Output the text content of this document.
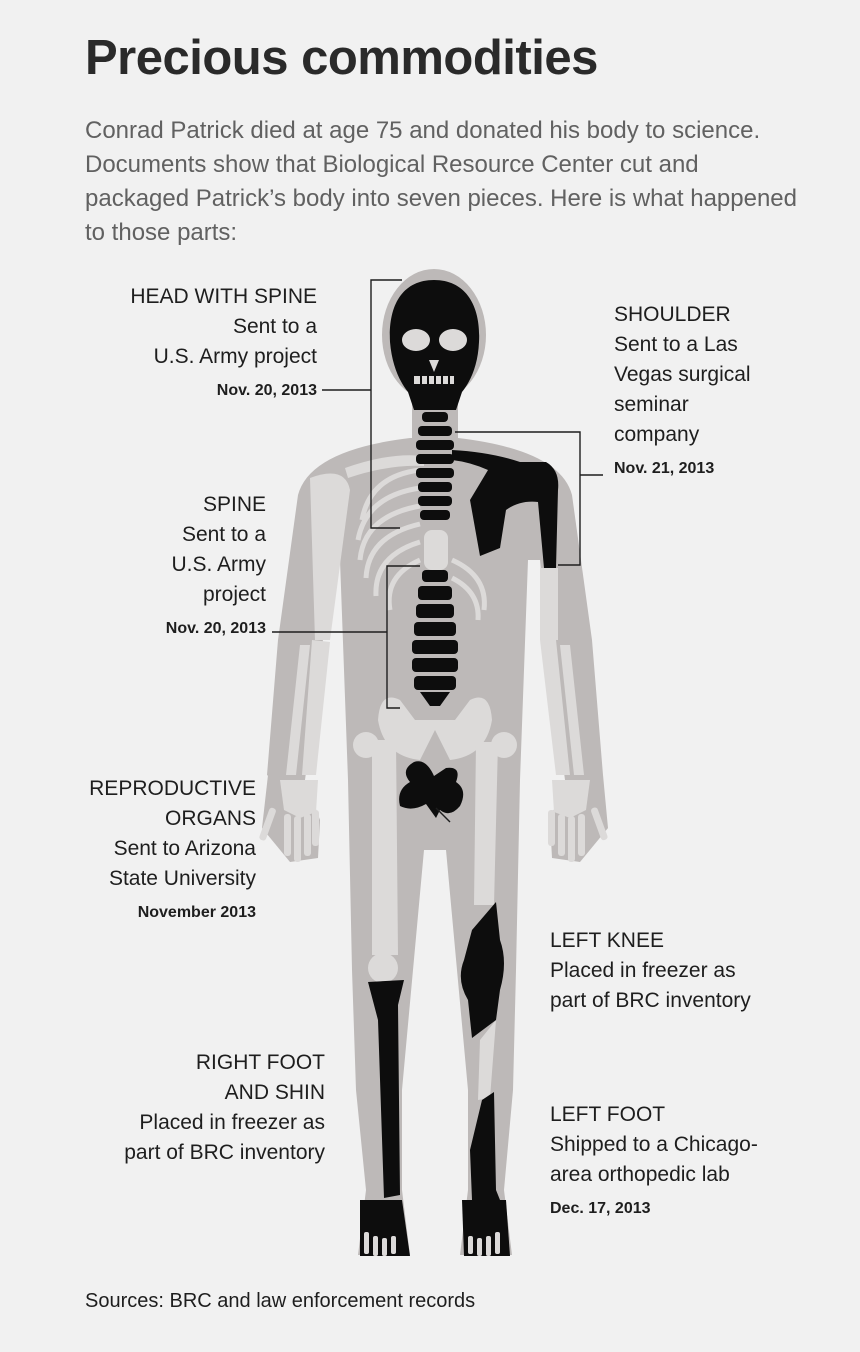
Precious commodities

Conrad Patrick died at age 75 and donated his body to science. Documents show that Biological Resource Center cut and packaged Patrick’s body into seven pieces. Here is what happened to those parts:

HEAD WITH SPINE
Sent to a
U.S. Army project
Nov. 20, 2013
SPINE
Sent to a
U.S. Army
project
Nov. 20, 2013
REPRODUCTIVE
ORGANS
Sent to Arizona
State University
November 2013
RIGHT FOOT
AND SHIN
Placed in freezer as
part of BRC inventory
SHOULDER
Sent to a Las
Vegas surgical
seminar
company
Nov. 21, 2013
LEFT KNEE
Placed in freezer as
part of BRC inventory
LEFT FOOT
Shipped to a Chicago-
area orthopedic lab
Dec. 17, 2013
Sources: BRC and law enforcement records
